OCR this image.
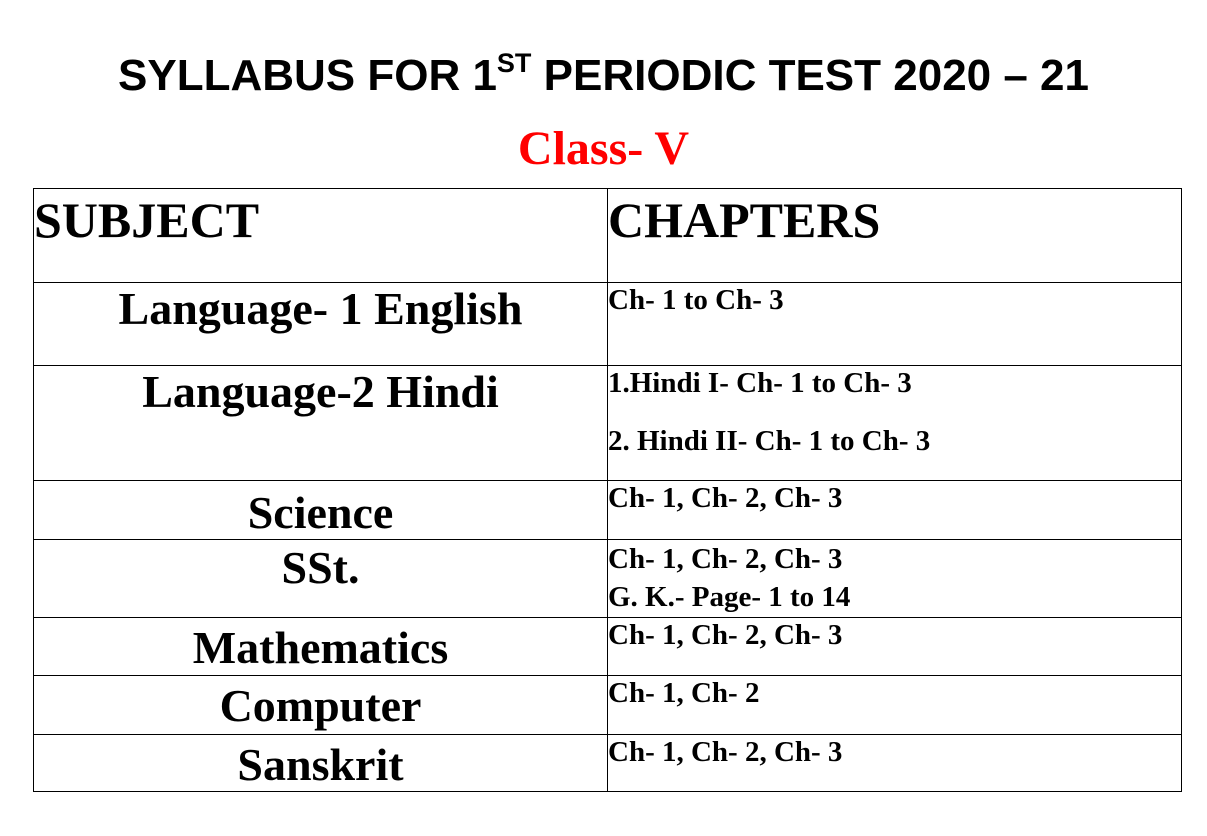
SYLLABUS FOR 1ST PERIODIC TEST 2020 – 21
Class- V
SUBJECT	CHAPTERS
Language- 1 English	Ch- 1 to Ch- 3

Language-2 Hindi	1.Hindi I- Ch- 1 to Ch- 3
2. Hindi II- Ch- 1 to Ch- 3

Science	Ch- 1, Ch- 2, Ch- 3

SSt.	Ch- 1, Ch- 2, Ch- 3
G. K.- Page- 1 to 14

Mathematics	Ch- 1, Ch- 2, Ch- 3

Computer	Ch- 1, Ch- 2

Sanskrit	Ch- 1, Ch- 2, Ch- 3
